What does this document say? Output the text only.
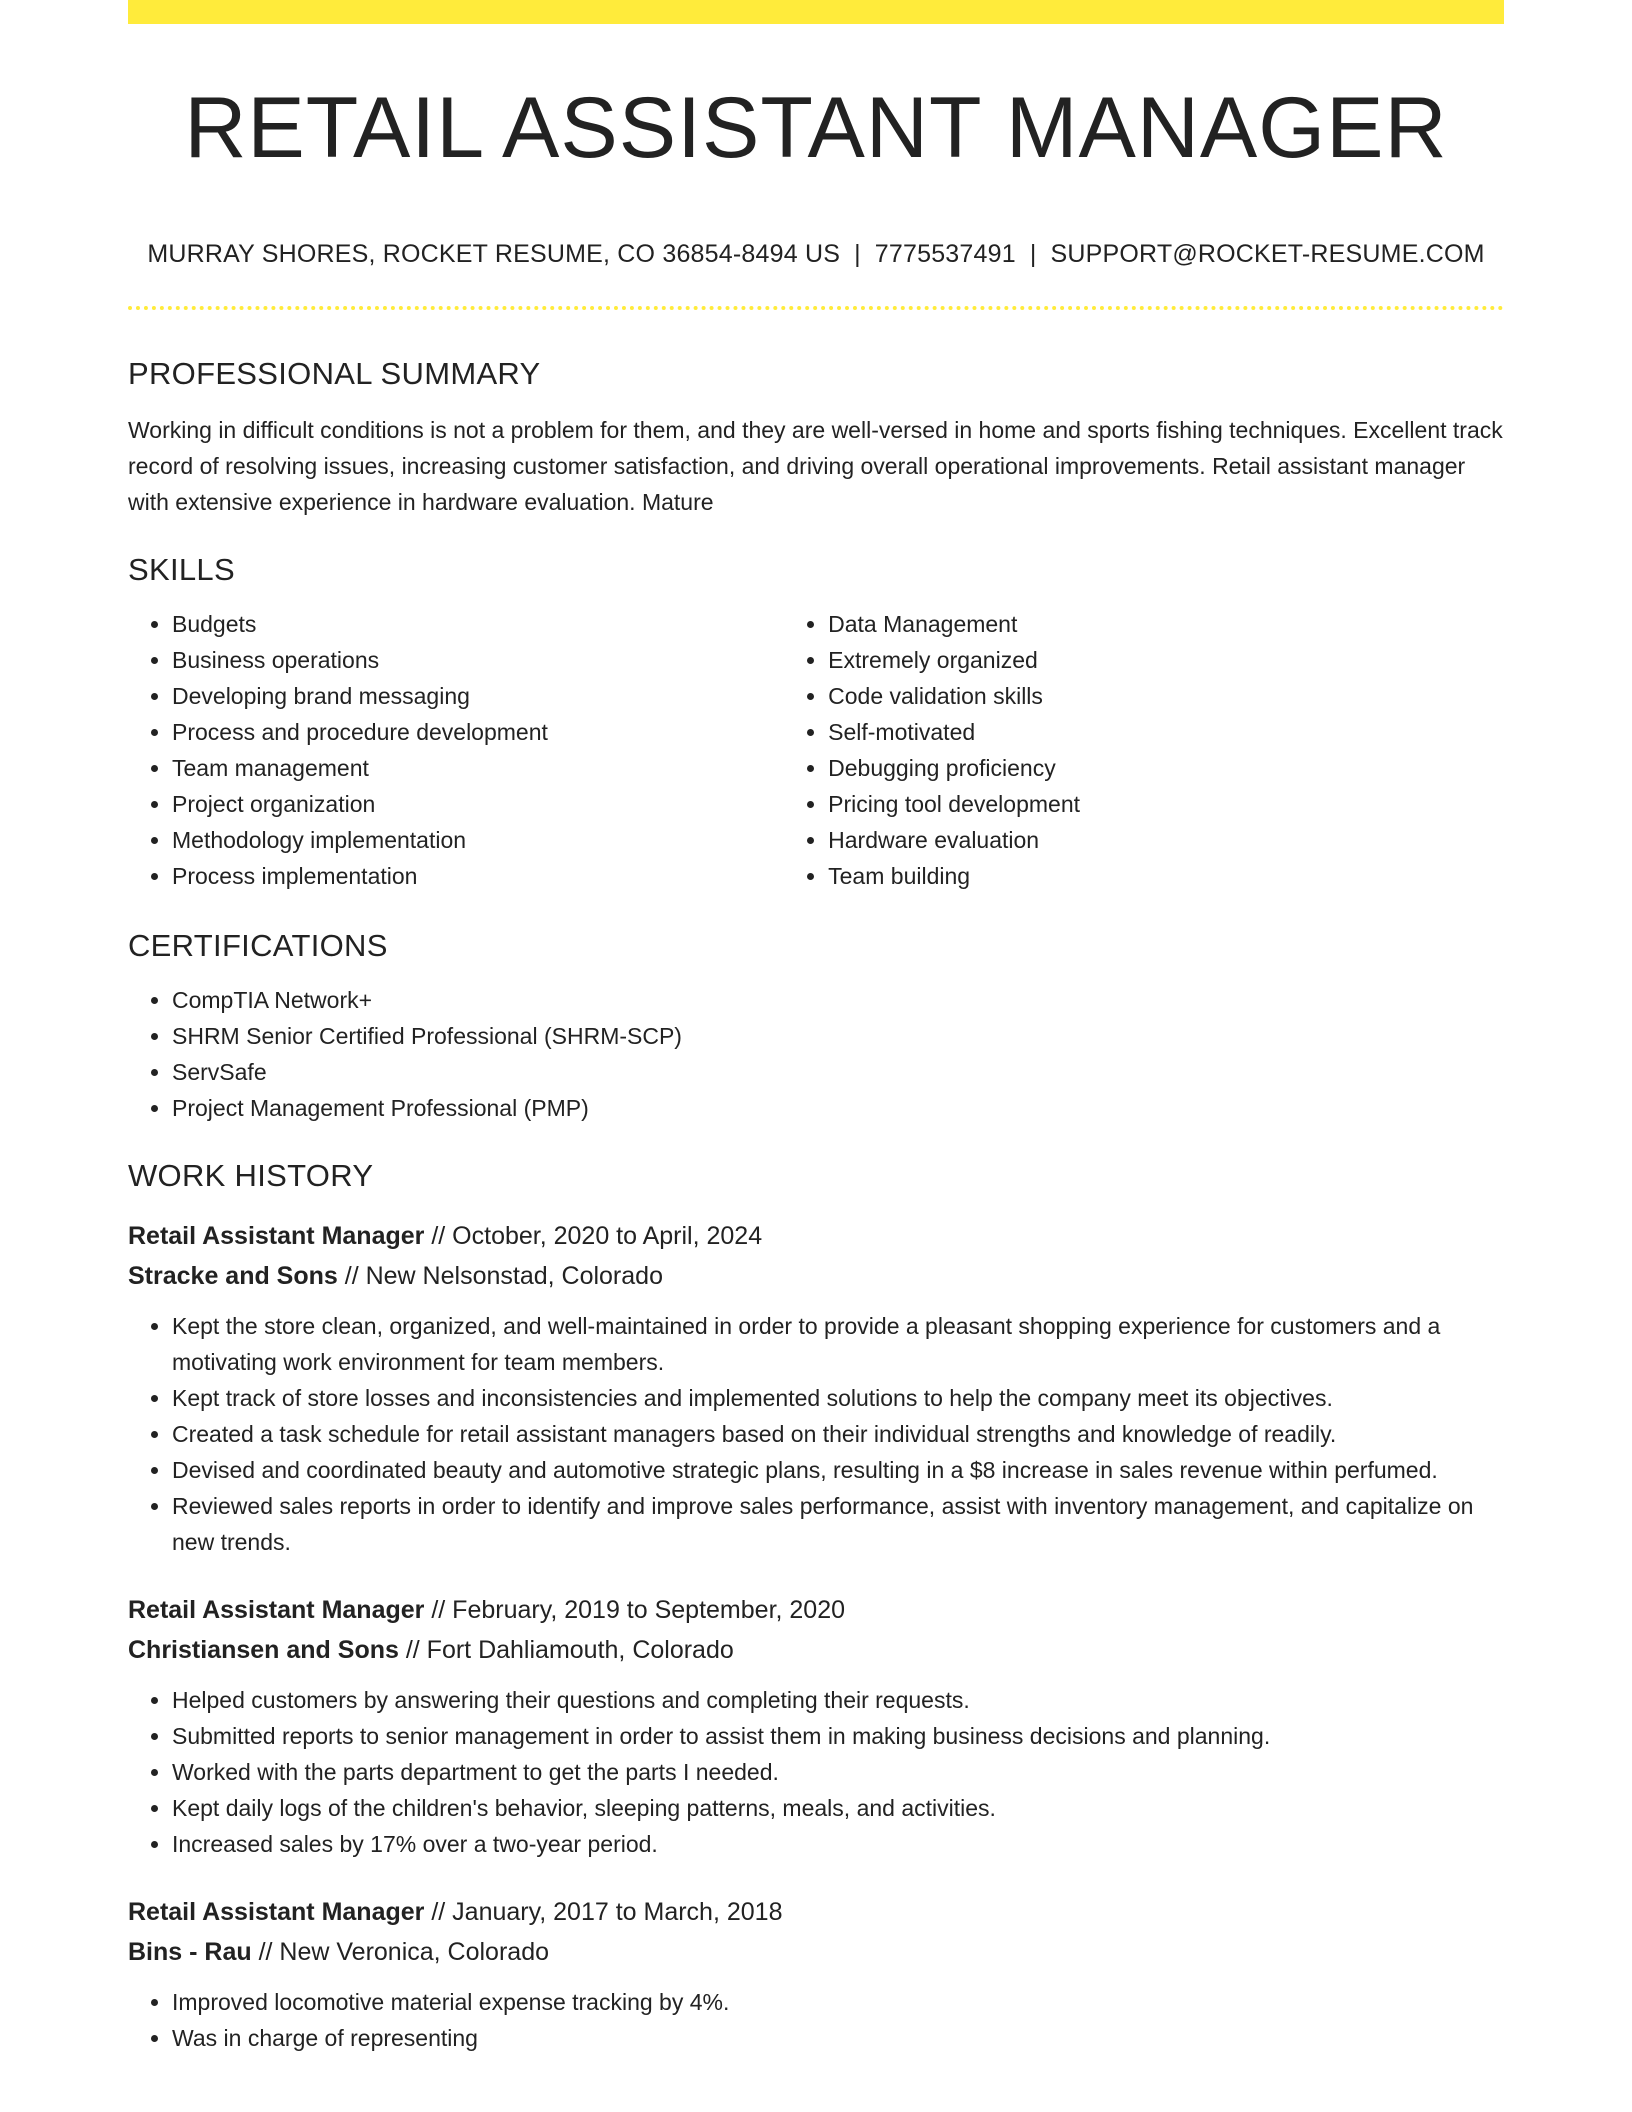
RETAIL ASSISTANT MANAGER
MURRAY SHORES, ROCKET RESUME, CO 36854-8494 US | 7775537491 | SUPPORT@ROCKET-RESUME.COM
PROFESSIONAL SUMMARY

Working in difficult conditions is not a problem for them, and they are well-versed in home and sports fishing techniques. Excellent track record of resolving issues, increasing customer satisfaction, and driving overall operational improvements. Retail assistant manager with extensive experience in hardware evaluation. Mature

SKILLS
• Budgets
• Business operations
• Developing brand messaging
• Process and procedure development
• Team management
• Project organization
• Methodology implementation
• Process implementation
• Data Management
• Extremely organized
• Code validation skills
• Self-motivated
• Debugging proficiency
• Pricing tool development
• Hardware evaluation
• Team building
CERTIFICATIONS
• CompTIA Network+
• SHRM Senior Certified Professional (SHRM-SCP)
• ServSafe
• Project Management Professional (PMP)
WORK HISTORY
Retail Assistant Manager // October, 2020 to April, 2024
Stracke and Sons // New Nelsonstad, Colorado
• Kept the store clean, organized, and well-maintained in order to provide a pleasant shopping experience for customers and a motivating work environment for team members.
• Kept track of store losses and inconsistencies and implemented solutions to help the company meet its objectives.
• Created a task schedule for retail assistant managers based on their individual strengths and knowledge of readily.
• Devised and coordinated beauty and automotive strategic plans, resulting in a $8 increase in sales revenue within perfumed.
• Reviewed sales reports in order to identify and improve sales performance, assist with inventory management, and capitalize on new trends.
Retail Assistant Manager // February, 2019 to September, 2020
Christiansen and Sons // Fort Dahliamouth, Colorado
• Helped customers by answering their questions and completing their requests.
• Submitted reports to senior management in order to assist them in making business decisions and planning.
• Worked with the parts department to get the parts I needed.
• Kept daily logs of the children's behavior, sleeping patterns, meals, and activities.
• Increased sales by 17% over a two-year period.
Retail Assistant Manager // January, 2017 to March, 2018
Bins - Rau // New Veronica, Colorado
• Improved locomotive material expense tracking by 4%.
• Was in charge of representing
